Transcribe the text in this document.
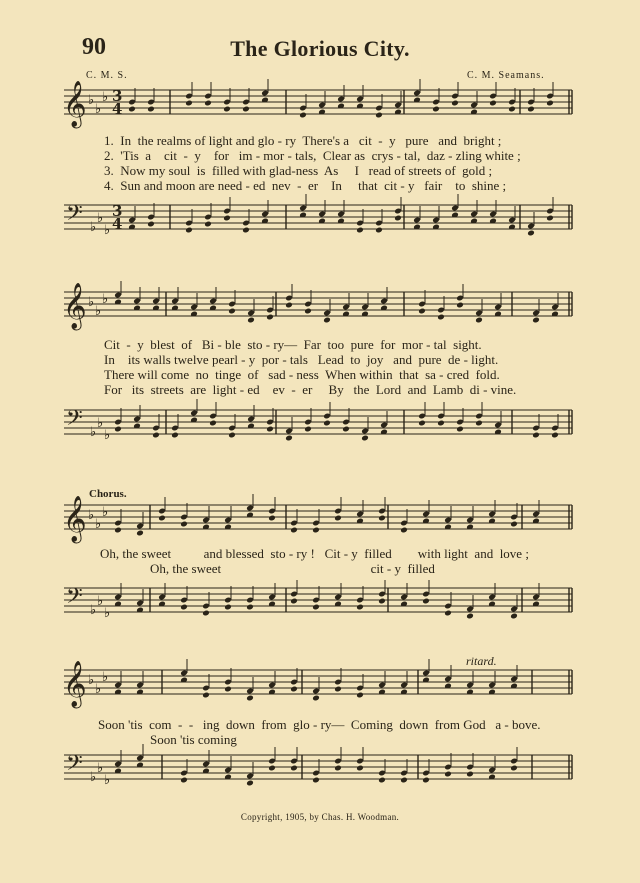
90	The Glorious City.
C. M. S.	C. M. Seamans.
𝄞 ♭
♭
♭ 3
4
1.  In  the realms of light and glo - ry  There's a   cit  -  y   pure   and  bright ;
2.  'Tis  a    cit  -  y    for   im - mor - tals,  Clear as  crys - tal,  daz - zling white ;
3.  Now my soul  is  filled with glad-ness  As     I   read of streets of  gold ;
4.  Sun and moon are need - ed  nev  -  er    In     that  cit - y   fair    to  shine ;
𝄢 ♭
♭
♭
3
4
𝄞 ♭
♭
♭
Cit  -  y  blest  of   Bi - ble  sto - ry—  Far  too  pure  for  mor - tal  sight.
In    its walls twelve pearl - y  por - tals   Lead  to  joy   and  pure  de - light.
There will come  no  tinge  of   sad - ness  When within  that  sa - cred  fold.
For   its  streets  are  light - ed    ev  -  er     By   the  Lord  and  Lamb  di - vine.
𝄢 ♭
♭
♭
Chorus.
𝄞 ♭
♭
♭
Oh, the sweet          and blessed  sto - ry !   Cit - y  filled        with light  and  love ;
Oh, the sweet                                              cit - y  filled
𝄢 ♭
♭
♭
ritard.
𝄞 ♭
♭
♭
Soon 'tis  com  -  -   ing  down  from  glo - ry—  Coming  down  from God   a - bove.
Soon 'tis coming
𝄢 ♭
♭
♭
Copyright, 1905, by Chas. H. Woodman.
